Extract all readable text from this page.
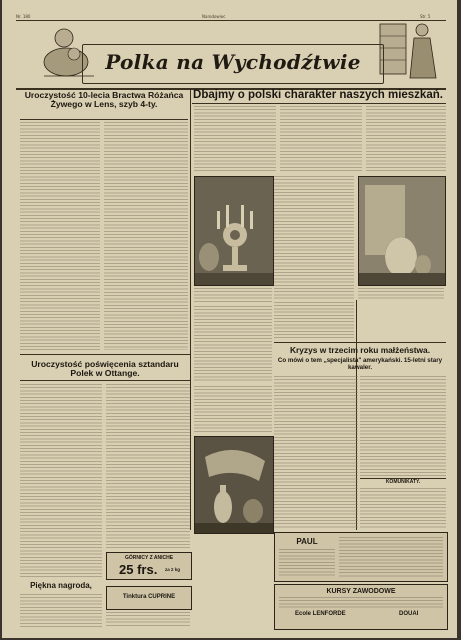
Nr. 180	Narodowiec	Str. 5
Polka na Wychodźtwie
Uroczystość 10-lecia Bractwa Różańca Żywego w Lens, szyb 4-ty.
Dbajmy o polski charakter naszych mieszkań.
Kryzys w trzecim roku małżeństwa.
Co mówi o tem „specjalista" amerykański. 15-letni stary kawaler.
KOMUNIKATY.
Uroczystość poświęcenia sztandaru Polek w Ottange.
GÓRNICY Z ANICHE
25 frs. za 2 kg
Tinktura CUPRINE
Piękna nagroda,
PAUL
KURSY ZAWODOWE
Ecole LENFORDE	DOUAI
